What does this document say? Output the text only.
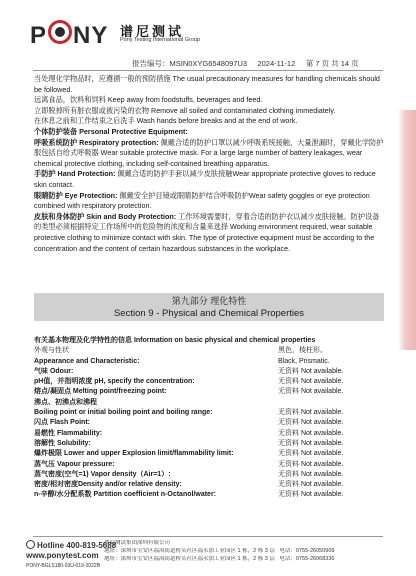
P NY 谱尼测试
Pony Testing International Group
报告编号：MSIN0XYG6548097U3 2024-11-12 第 7 页 共 14 页

当处理化学物品时，应遵循一般的预防措施 The usual precautionary measures for handling chemicals should be followed.

远离食品，饮料和饲料 Keep away from foodstuffs, beverages and feed.

立即脱掉所有脏衣服或被污染的衣物 Remove all soiled and contaminated clothing immediately.

在休息之前和工作结束之后洗手 Wash hands before breaks and at the end of work.

个体防护装备 Personal Protective Equipment:

呼吸系统防护 Respiratory protection: 佩戴合适的防护口罩以减少呼吸系统接触，大量泄漏时，穿戴化学防护服包括自给式呼吸器 Wear suitable protective mask. For a large large number of battery leakages, wear chemical protective clothing, including self-contained breathing apparatus.

手防护 Hand Protection: 佩戴合适的防护手套以减少皮肤接触Wear appropriate protective gloves to reduce skin contact.

眼睛防护 Eye Protection: 佩戴安全护目镜或眼睛防护结合呼吸防护Wear safety goggles or eye protection combined with respiratory protection.

皮肤和身体防护 Skin and Body Protection: 工作环境需要时，穿着合适的防护衣以减少皮肤接触。防护设备的类型必须根据特定工作场所中的危险物的浓度和含量来选择 Working environment required, wear suitable protective clothing to minimize contact with skin. The type of protective equipment must be according to the concentration and the content of certain hazardous substances in the workplace.

第九部分 理化特性
Section 9 - Physical and Chemical Properties
有关基本物理及化学特性的信息 Information on basic physical and chemical properties
外观与性状	黑色，棱柱形。
Appearance and Characteristic:	Black, Prismatic.
气味 Odour:	无资料 Not available.
pH值，并指明浓度 pH, specify the concentration:	无资料 Not available.
熔点/凝固点 Melting point/freezing point:	无资料 Not available.
沸点、初沸点和沸程
Boiling point or initial boiling point and boiling range:	无资料 Not available.
闪点 Flash Point:	无资料 Not available.
易燃性 Flammability:	无资料 Not available.
溶解性 Solubility:	无资料 Not available.
爆炸极限 Lower and upper Explosion limit/flammability limit:	无资料 Not available.
蒸气压 Vapour pressure:	无资料 Not available.
蒸气密度(空气=1) Vapor density（Air=1）:	无资料 Not available.
密度/相对密度Density and/or relative density:	无资料 Not available.
n-辛醇/水分配系数 Partition coefficient n-Octanol/water:	无资料 Not available.
Hotline 400-819-5688
www.ponytest.com
PONY-BGLS180-03U-019-2022B
谱尼测试集团深圳有限公司
地址：深圳市宝安区福海街道桥头社区福永加工业园区 1 栋，2 栋 3 层 电话：0755-26050909
地址：深圳市宝安区福海街道桥头社区福永加工业园区 1 栋，2 栋 3 层 电话：0755-26068336
